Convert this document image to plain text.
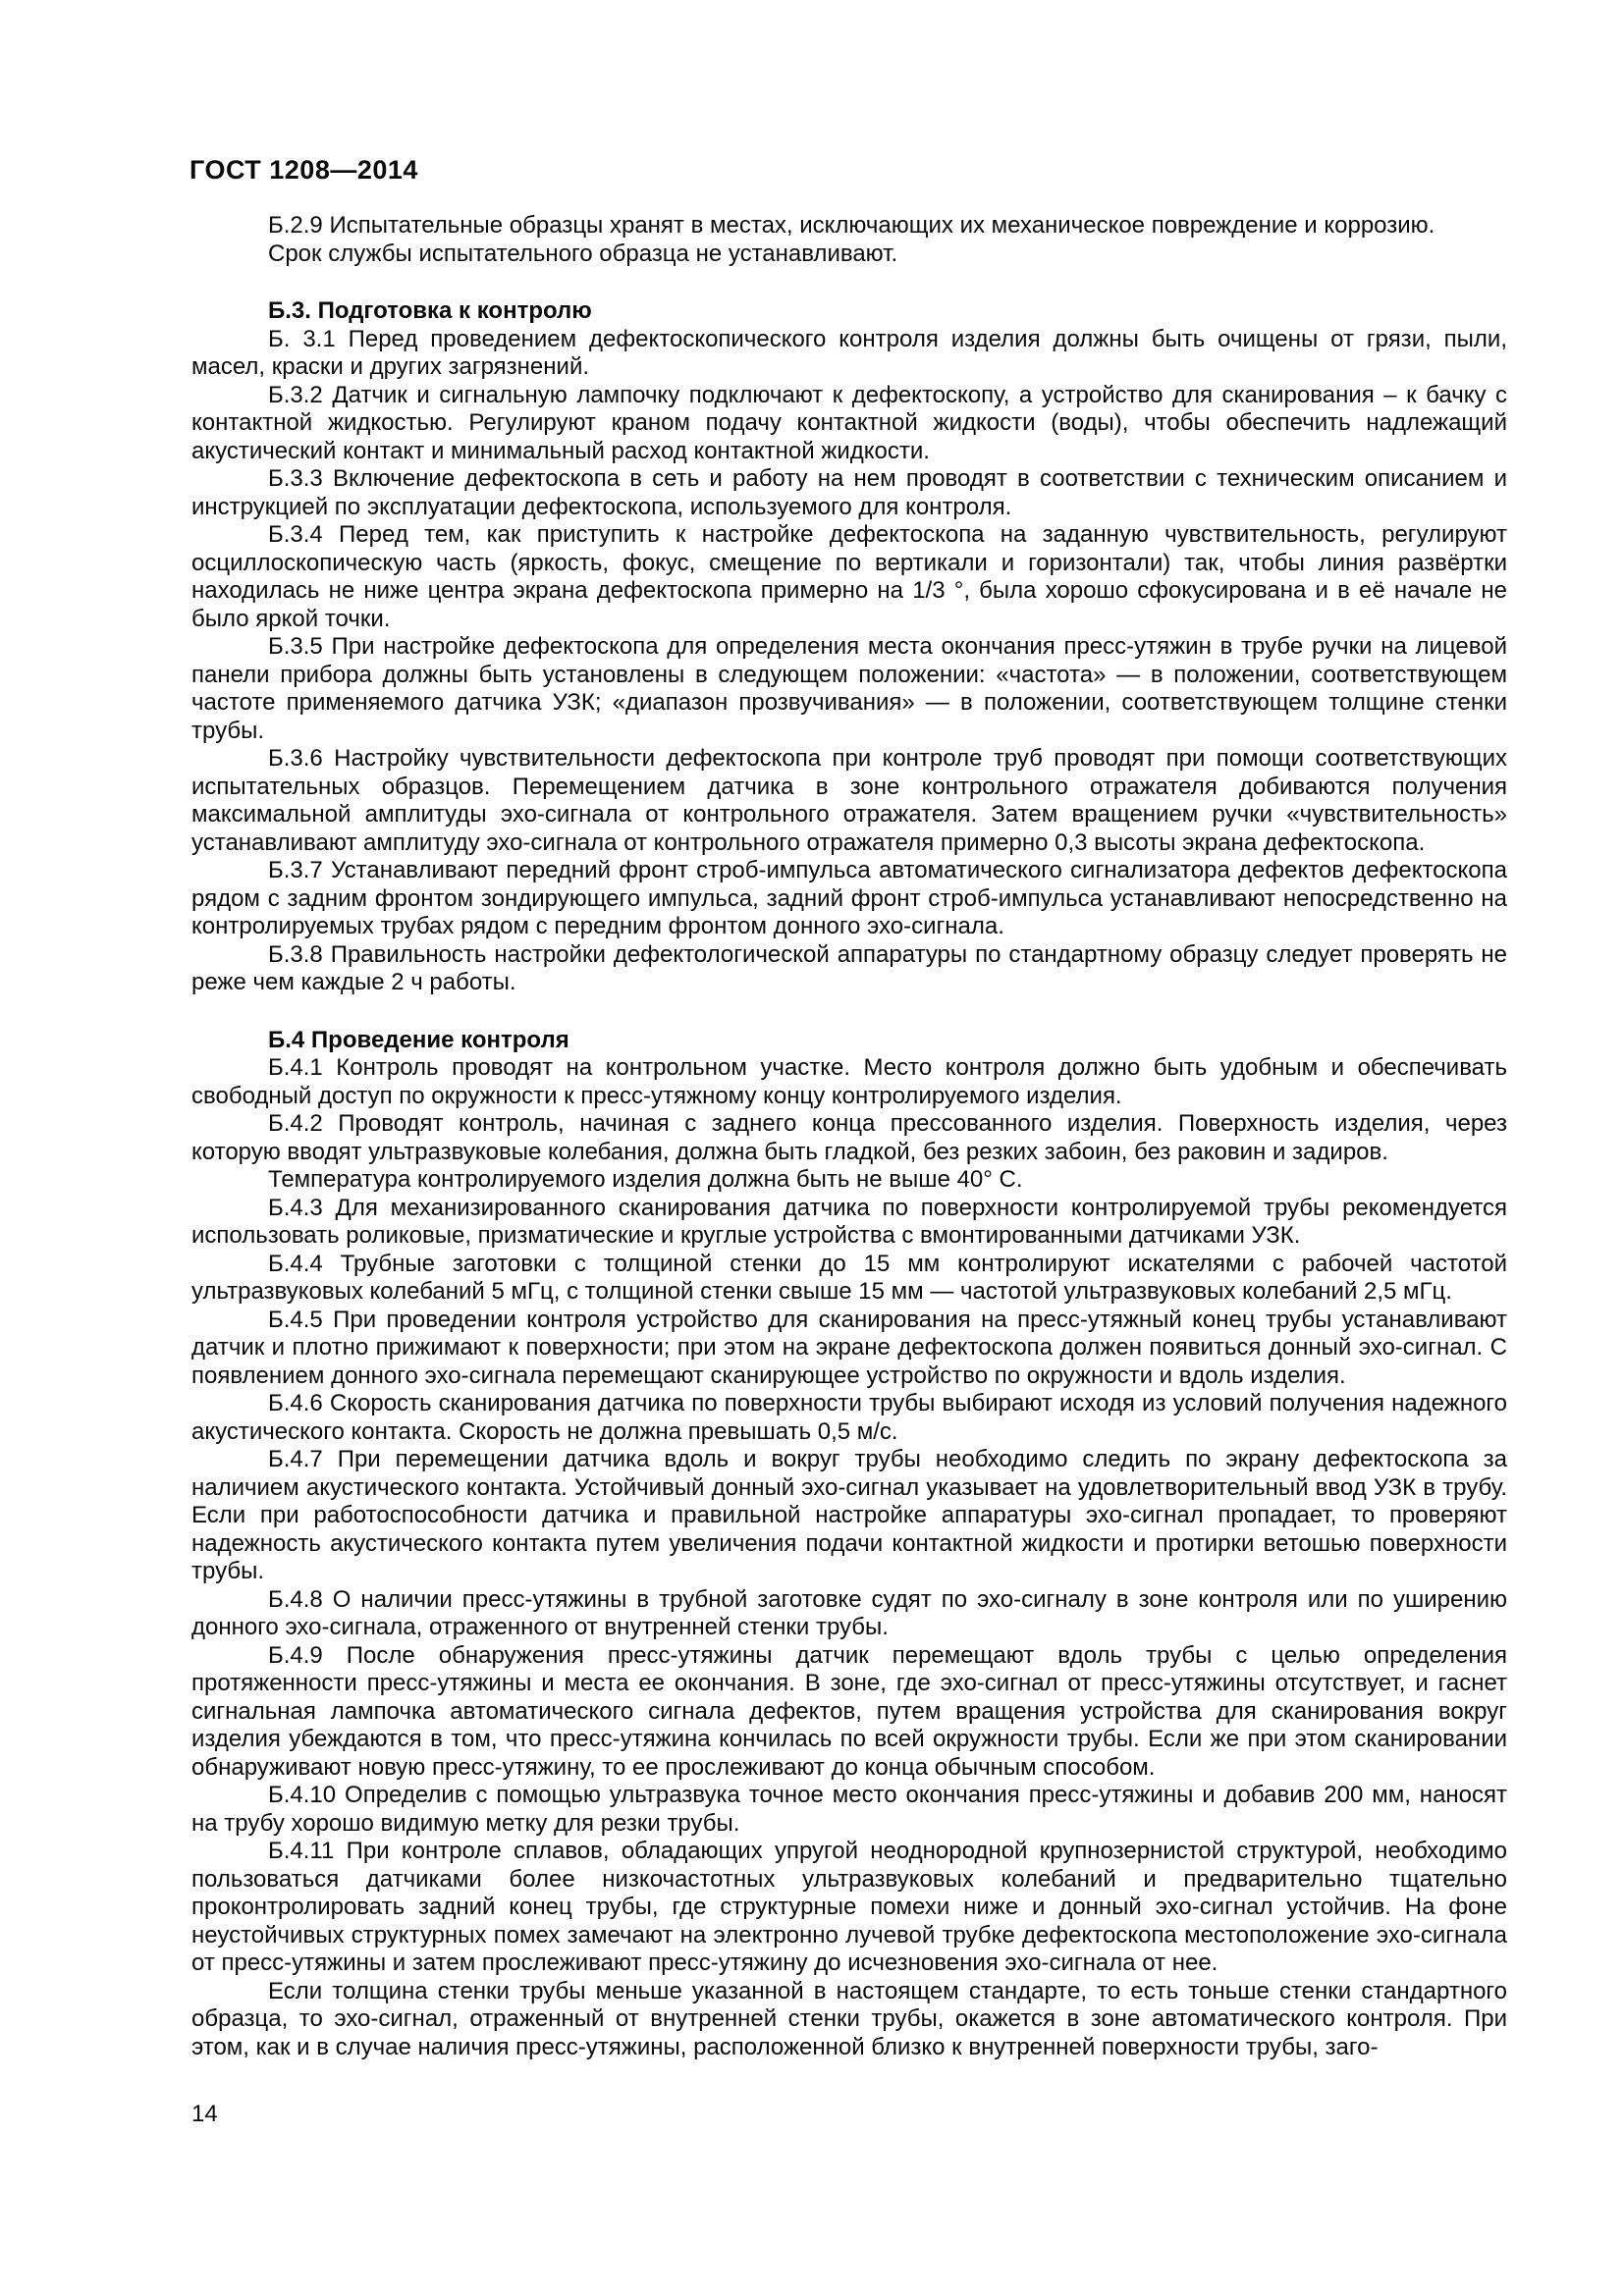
ГОСТ 1208—2014

Б.2.9 Испытательные образцы хранят в местах, исключающих их механическое повреждение и коррозию.

Срок службы испытательного образца не устанавливают.

Б.3. Подготовка к контролю

Б. 3.1 Перед проведением дефектоскопического контроля изделия должны быть очищены от грязи, пыли, масел, краски и других загрязнений.

Б.3.2 Датчик и сигнальную лампочку подключают к дефектоскопу, а устройство для сканирования – к бачку с контактной жидкостью. Регулируют краном подачу контактной жидкости (воды), чтобы обеспечить надлежащий акустический контакт и минимальный расход контактной жидкости.

Б.3.3 Включение дефектоскопа в сеть и работу на нем проводят в соответствии с техническим описанием и инструкцией по эксплуатации дефектоскопа, используемого для контроля.

Б.3.4 Перед тем, как приступить к настройке дефектоскопа на заданную чувствительность, регулируют осциллоскопическую часть (яркость, фокус, смещение по вертикали и горизонтали) так, чтобы линия развёртки находилась не ниже центра экрана дефектоскопа примерно на 1/3 °, была хорошо сфокусирована и в её начале не было яркой точки.

Б.3.5 При настройке дефектоскопа для определения места окончания пресс-утяжин в трубе ручки на лицевой панели прибора должны быть установлены в следующем положении: «частота» — в положении, соответствующем частоте применяемого датчика УЗК; «диапазон прозвучивания» — в положении, соответствующем толщине стенки трубы.

Б.3.6 Настройку чувствительности дефектоскопа при контроле труб проводят при помощи соответствующих испытательных образцов. Перемещением датчика в зоне контрольного отражателя добиваются получения максимальной амплитуды эхо-сигнала от контрольного отражателя. Затем вращением ручки «чувствительность» устанавливают амплитуду эхо-сигнала от контрольного отражателя примерно 0,3 высоты экрана дефектоскопа.

Б.3.7 Устанавливают передний фронт строб-импульса автоматического сигнализатора дефектов дефектоскопа рядом с задним фронтом зондирующего импульса, задний фронт строб-импульса устанавливают непосредственно на контролируемых трубах рядом с передним фронтом донного эхо-сигнала.

Б.3.8 Правильность настройки дефектологической аппаратуры по стандартному образцу следует проверять не реже чем каждые 2 ч работы.

Б.4 Проведение контроля

Б.4.1 Контроль проводят на контрольном участке. Место контроля должно быть удобным и обеспечивать свободный доступ по окружности к пресс-утяжному концу контролируемого изделия.

Б.4.2 Проводят контроль, начиная с заднего конца прессованного изделия. Поверхность изделия, через которую вводят ультразвуковые колебания, должна быть гладкой, без резких забоин, без раковин и задиров.

Температура контролируемого изделия должна быть не выше 40° С.

Б.4.3 Для механизированного сканирования датчика по поверхности контролируемой трубы рекомендуется использовать роликовые, призматические и круглые устройства с вмонтированными датчиками УЗК.

Б.4.4 Трубные заготовки с толщиной стенки до 15 мм контролируют искателями с рабочей частотой ультразвуковых колебаний 5 мГц, с толщиной стенки свыше 15 мм — частотой ультразвуковых колебаний 2,5 мГц.

Б.4.5 При проведении контроля устройство для сканирования на пресс-утяжный конец трубы устанавливают датчик и плотно прижимают к поверхности; при этом на экране дефектоскопа должен появиться донный эхо-сигнал. С появлением донного эхо-сигнала перемещают сканирующее устройство по окружности и вдоль изделия.

Б.4.6 Скорость сканирования датчика по поверхности трубы выбирают исходя из условий получения надежного акустического контакта. Скорость не должна превышать 0,5 м/с.

Б.4.7 При перемещении датчика вдоль и вокруг трубы необходимо следить по экрану дефектоскопа за наличием акустического контакта. Устойчивый донный эхо-сигнал указывает на удовлетворительный ввод УЗК в трубу. Если при работоспособности датчика и правильной настройке аппаратуры эхо-сигнал пропадает, то проверяют надежность акустического контакта путем увеличения подачи контактной жидкости и протирки ветошью поверхности трубы.

Б.4.8 О наличии пресс-утяжины в трубной заготовке судят по эхо-сигналу в зоне контроля или по уширению донного эхо-сигнала, отраженного от внутренней стенки трубы.

Б.4.9 После обнаружения пресс-утяжины датчик перемещают вдоль трубы с целью определения протяженности пресс-утяжины и места ее окончания. В зоне, где эхо-сигнал от пресс-утяжины отсутствует, и гаснет сигнальная лампочка автоматического сигнала дефектов, путем вращения устройства для сканирования вокруг изделия убеждаются в том, что пресс-утяжина кончилась по всей окружности трубы. Если же при этом сканировании обнаруживают новую пресс-утяжину, то ее прослеживают до конца обычным способом.

Б.4.10 Определив с помощью ультразвука точное место окончания пресс-утяжины и добавив 200 мм, наносят на трубу хорошо видимую метку для резки трубы.

Б.4.11 При контроле сплавов, обладающих упругой неоднородной крупнозернистой структурой, необходимо пользоваться датчиками более низкочастотных ультразвуковых колебаний и предварительно тщательно проконтролировать задний конец трубы, где структурные помехи ниже и донный эхо-сигнал устойчив. На фоне неустойчивых структурных помех замечают на электронно лучевой трубке дефектоскопа местоположение эхо-сигнала от пресс-утяжины и затем прослеживают пресс-утяжину до исчезновения эхо-сигнала от нее.

Если толщина стенки трубы меньше указанной в настоящем стандарте, то есть тоньше стенки стандартного образца, то эхо-сигнал, отраженный от внутренней стенки трубы, окажется в зоне автоматического контроля. При этом, как и в случае наличия пресс-утяжины, расположенной близко к внутренней поверхности трубы, заго-

14
